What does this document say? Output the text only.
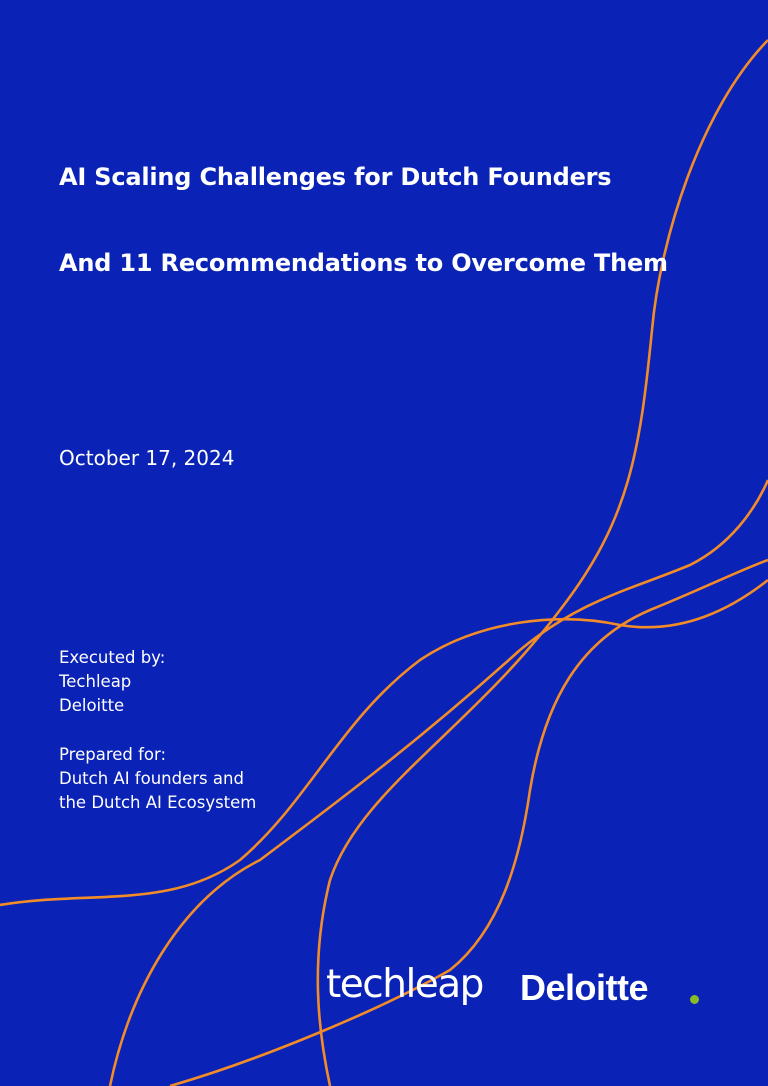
AI Scaling Challenges for Dutch Founders
And 11 Recommendations to Overcome Them
October 17, 2024
Executed by:
Techleap
Deloitte
Prepared for:
Dutch AI founders and
the Dutch AI Ecosystem
techleap Deloitte
